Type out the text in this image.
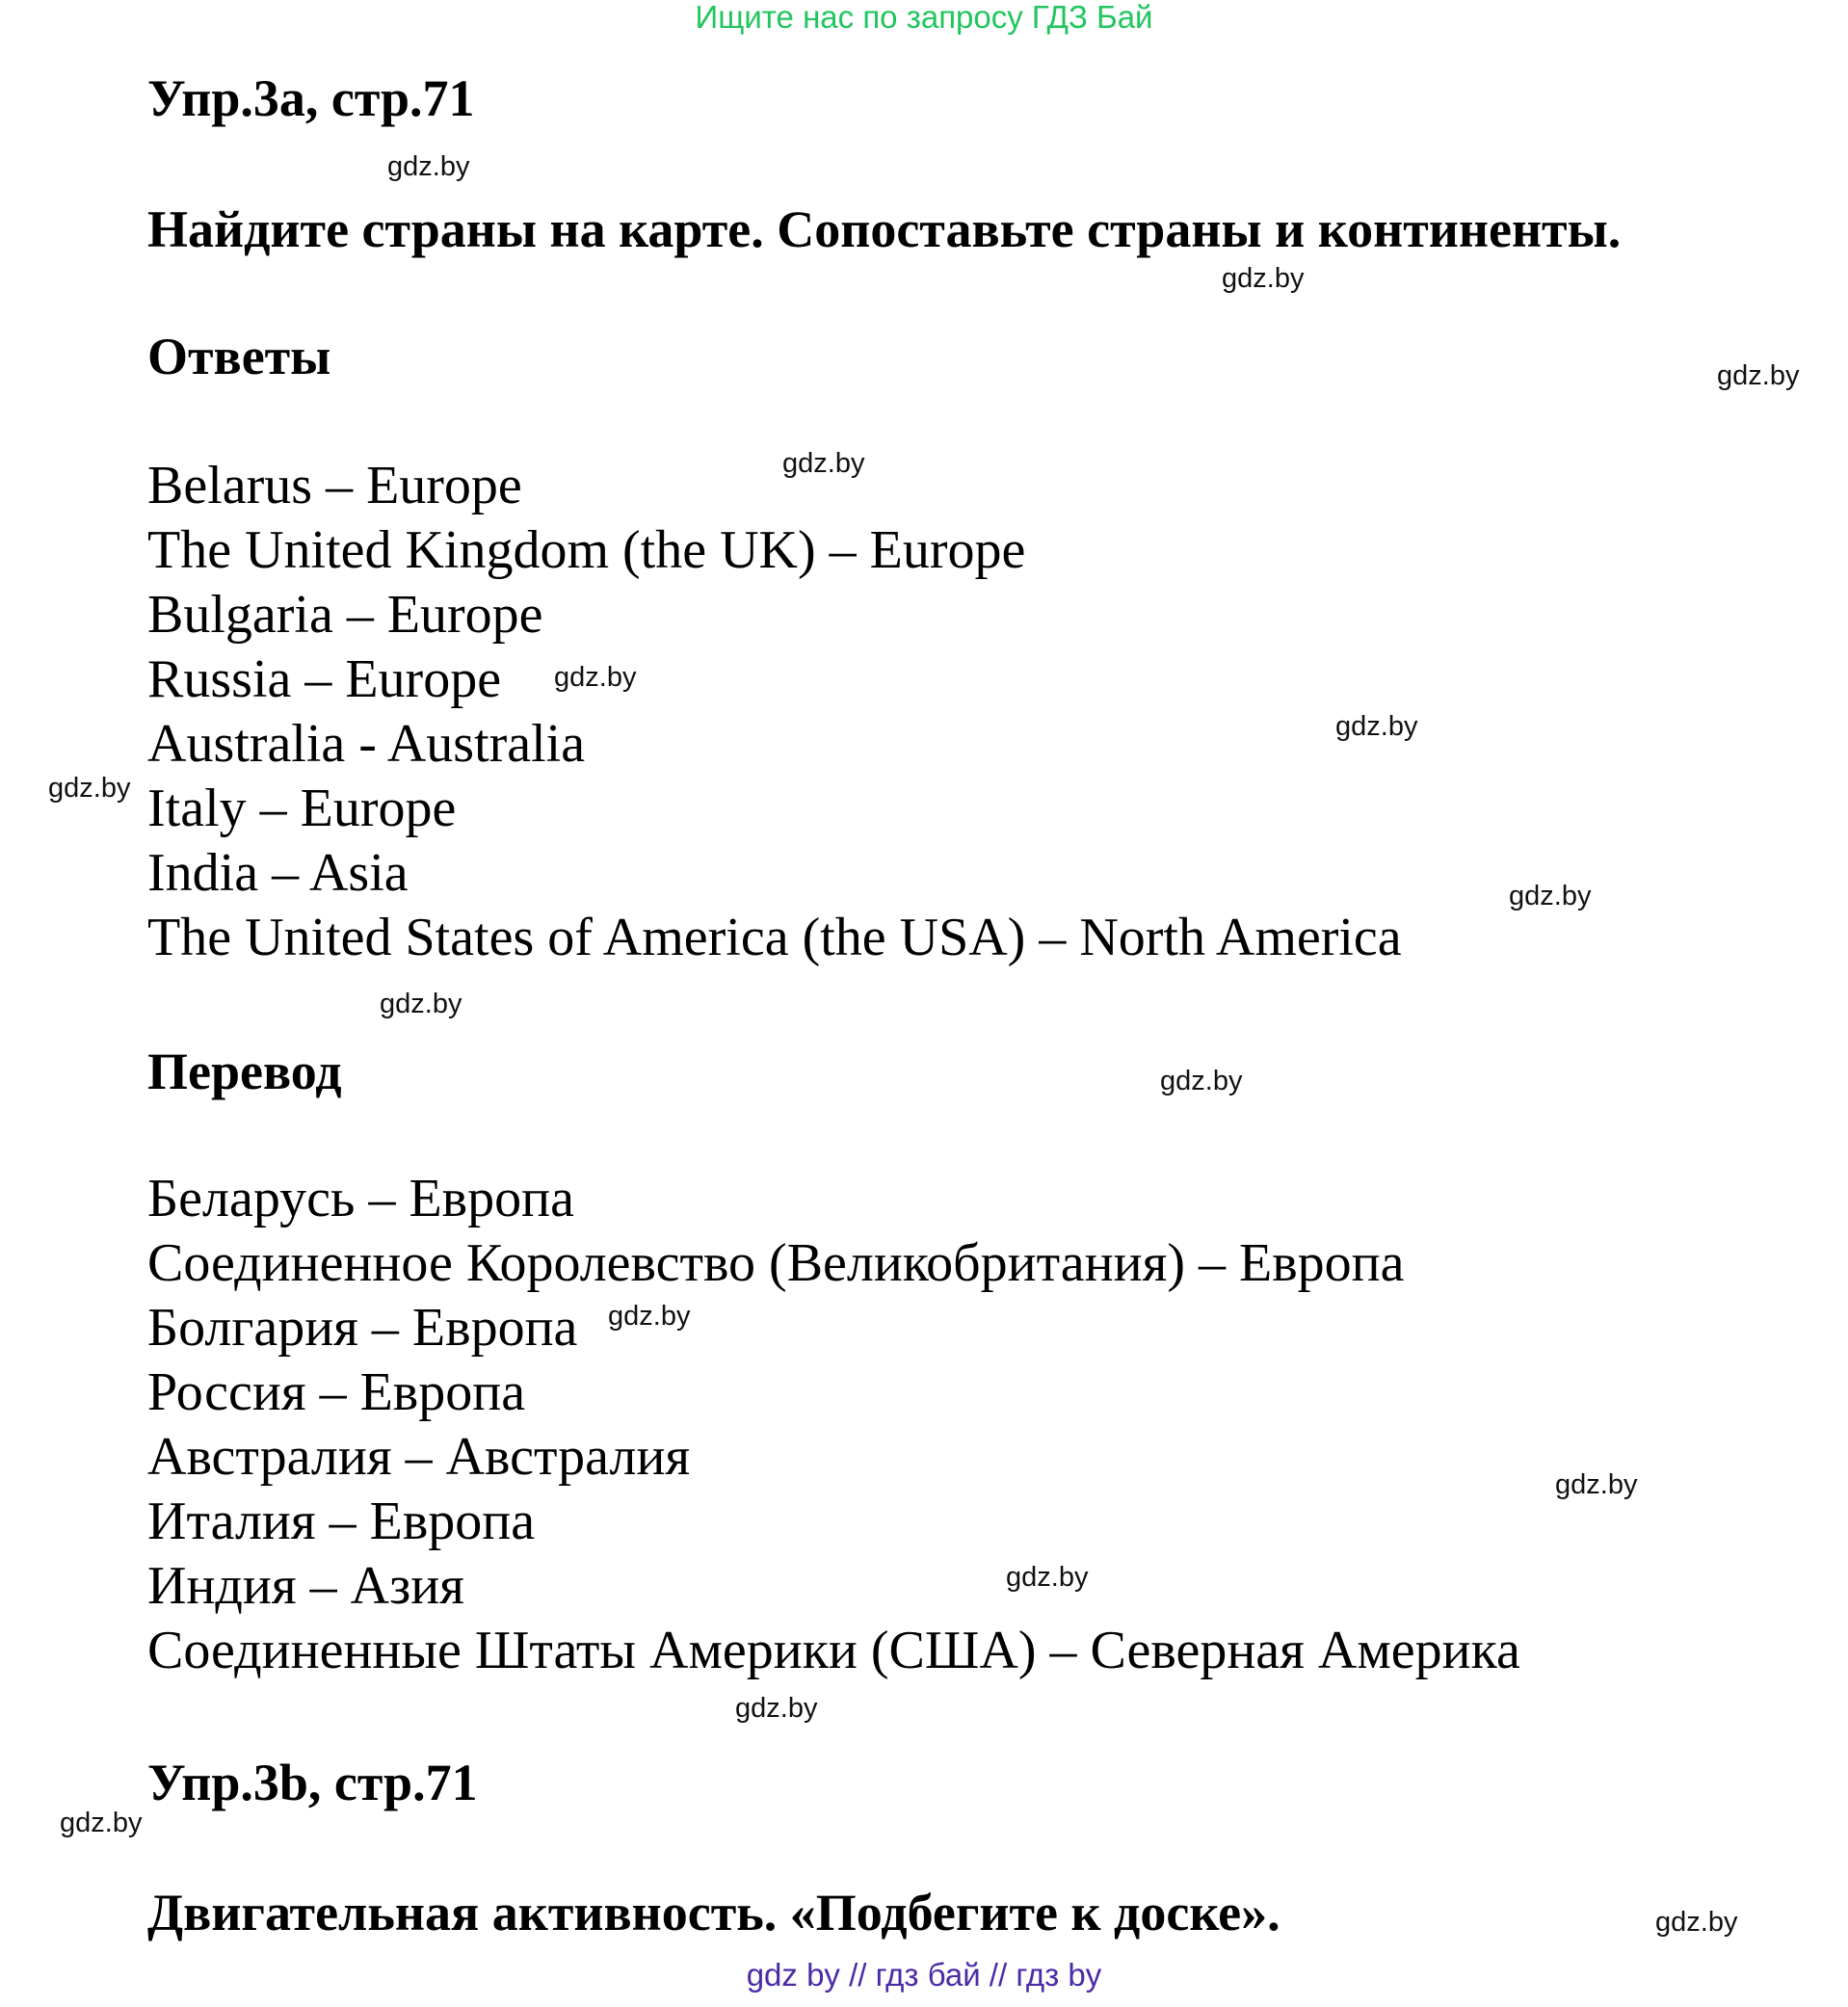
Ищите нас по запросу ГДЗ Бай
Упр.3a, стр.71
Найдите страны на карте. Сопоставьте страны и континенты.
Ответы
Belarus – Europe
The United Kingdom (the UK) – Europe
Bulgaria – Europe
Russia – Europe
Australia - Australia
Italy – Europe
India – Asia
The United States of America (the USA) – North America
Перевод
Беларусь – Европа
Соединенное Королевство (Великобритания) – Европа
Болгария – Европа
Россия – Европа
Австралия – Австралия
Италия – Европа
Индия – Азия
Соединенные Штаты Америки (США) – Северная Америка
Упр.3b, стр.71
Двигательная активность. «Подбегите к доске».
gdz.by
gdz.by
gdz.by
gdz.by
gdz.by
gdz.by
gdz.by
gdz.by
gdz.by
gdz.by
gdz.by
gdz.by
gdz.by
gdz.by
gdz.by
gdz.by
gdz by // гдз бай // гдз by
